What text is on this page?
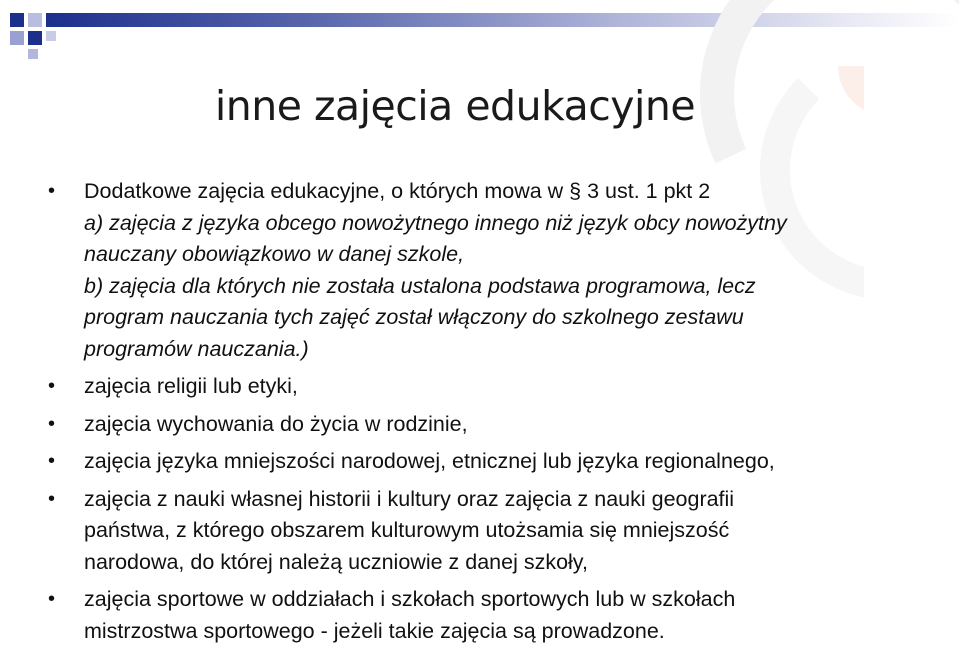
inne zajęcia edukacyjne
• Dodatkowe zajęcia edukacyjne, o których mowa w § 3 ust. 1 pkt 2
a) zajęcia z języka obcego nowożytnego innego niż język obcy nowożytny
nauczany obowiązkowo w danej szkole,
b) zajęcia dla których nie została ustalona podstawa programowa, lecz
program nauczania tych zajęć został włączony do szkolnego zestawu
programów nauczania.)
• zajęcia religii lub etyki,
• zajęcia wychowania do życia w rodzinie,
• zajęcia języka mniejszości narodowej, etnicznej lub języka regionalnego,
• zajęcia z nauki własnej historii i kultury oraz zajęcia z nauki geografii
państwa, z którego obszarem kulturowym utożsamia się mniejszość
narodowa, do której należą uczniowie z danej szkoły,
• zajęcia sportowe w oddziałach i szkołach sportowych lub w szkołach
mistrzostwa sportowego - jeżeli takie zajęcia są prowadzone.
